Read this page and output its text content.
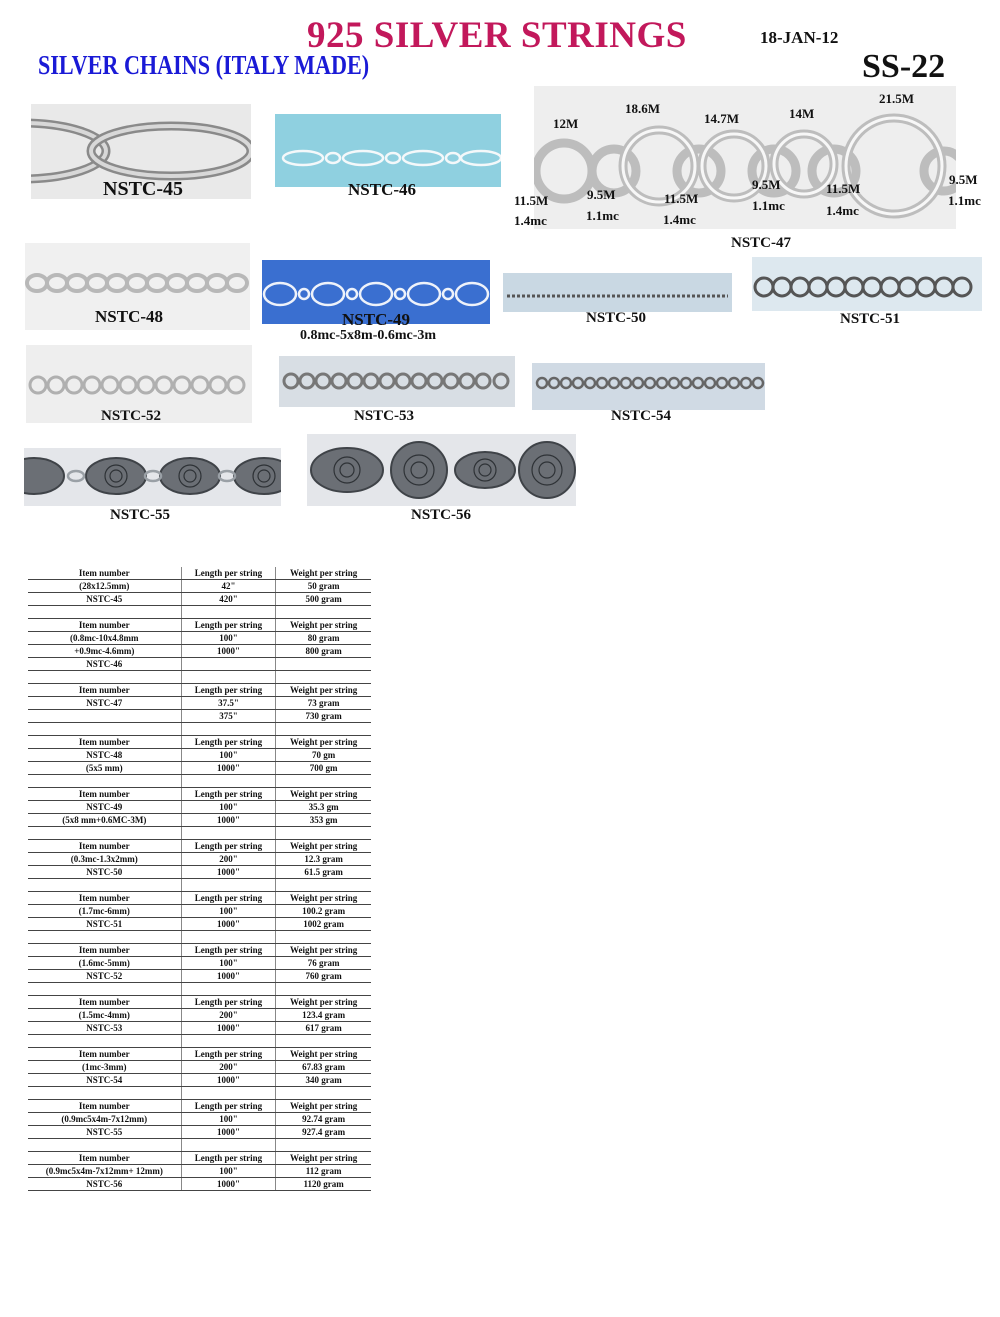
925 SILVER STRINGS
SILVER CHAINS (ITALY MADE)
18-JAN-12
SS-22
NSTC-45	NSTC-46
12M
18.6M
14.7M	14M
21.5M
11.5M
1.4mc
9.5M
1.1mc
11.5M
1.4mc
9.5M
1.1mc
11.5M
1.4mc
9.5M
1.1mc
NSTC-47
NSTC-48	NSTC-49
0.8mc-5x8m-0.6mc-3m
NSTC-50	NSTC-51
NSTC-52	NSTC-53	NSTC-54
NSTC-55	NSTC-56
Item number	Length per string	Weight per string
(28x12.5mm)	42"	50 gram
NSTC-45	420"	500 gram

Item number	Length per string	Weight per string
(0.8mc-10x4.8mm	100"	80 gram
+0.9mc-4.6mm)	1000"	800 gram
NSTC-46		

Item number	Length per string	Weight per string
NSTC-47	37.5"	73 gram
	375"	730 gram

Item number	Length per string	Weight per string
NSTC-48	100"	70 gm
(5x5 mm)	1000"	700 gm

Item number	Length per string	Weight per string
NSTC-49	100"	35.3 gm
(5x8 mm+0.6MC-3M)	1000"	353 gm

Item number	Length per string	Weight per string
(0.3mc-1.3x2mm)	200"	12.3 gram
NSTC-50	1000"	61.5 gram

Item number	Length per string	Weight per string
(1.7mc-6mm)	100"	100.2 gram
NSTC-51	1000"	1002 gram

Item number	Length per string	Weight per string
(1.6mc-5mm)	100"	76 gram
NSTC-52	1000"	760 gram

Item number	Length per string	Weight per string
(1.5mc-4mm)	200"	123.4 gram
NSTC-53	1000"	617 gram

Item number	Length per string	Weight per string
(1mc-3mm)	200"	67.83 gram
NSTC-54	1000"	340 gram

Item number	Length per string	Weight per string
(0.9mc5x4m-7x12mm)	100"	92.74 gram
NSTC-55	1000"	927.4 gram

Item number	Length per string	Weight per string
(0.9mc5x4m-7x12mm+ 12mm)	100"	112 gram
NSTC-56	1000"	1120 gram
